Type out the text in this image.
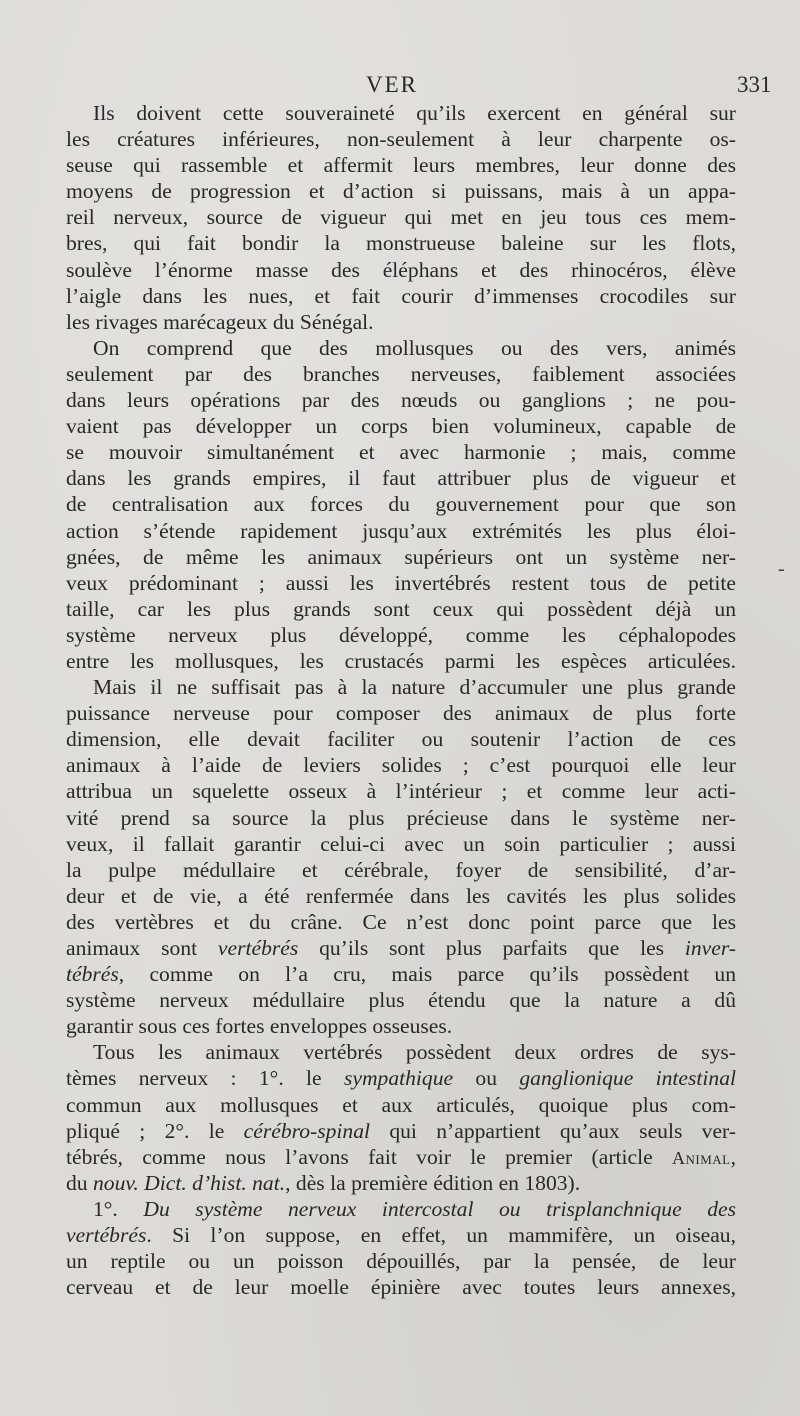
VER	331
Ils doivent cette souveraineté qu’ils exercent en général sur
les créatures inférieures, non-seulement à leur charpente os-
seuse qui rassemble et affermit leurs membres, leur donne des
moyens de progression et d’action si puissans, mais à un appa-
reil nerveux, source de vigueur qui met en jeu tous ces mem-
bres, qui fait bondir la monstrueuse baleine sur les flots,
soulève l’énorme masse des éléphans et des rhinocéros, élève
l’aigle dans les nues, et fait courir d’immenses crocodiles sur
les rivages marécageux du Sénégal.
On comprend que des mollusques ou des vers, animés
seulement par des branches nerveuses, faiblement associées
dans leurs opérations par des nœuds ou ganglions ; ne pou-
vaient pas développer un corps bien volumineux, capable de
se mouvoir simultanément et avec harmonie ; mais, comme
dans les grands empires, il faut attribuer plus de vigueur et
de centralisation aux forces du gouvernement pour que son
action s’étende rapidement jusqu’aux extrémités les plus éloi-
gnées, de même les animaux supérieurs ont un système ner-
veux prédominant ; aussi les invertébrés restent tous de petite
taille, car les plus grands sont ceux qui possèdent déjà un
système nerveux plus développé, comme les céphalopodes
entre les mollusques, les crustacés parmi les espèces articulées.
Mais il ne suffisait pas à la nature d’accumuler une plus grande
puissance nerveuse pour composer des animaux de plus forte
dimension, elle devait faciliter ou soutenir l’action de ces
animaux à l’aide de leviers solides ; c’est pourquoi elle leur
attribua un squelette osseux à l’intérieur ; et comme leur acti-
vité prend sa source la plus précieuse dans le système ner-
veux, il fallait garantir celui-ci avec un soin particulier ; aussi
la pulpe médullaire et cérébrale, foyer de sensibilité, d’ar-
deur et de vie, a été renfermée dans les cavités les plus solides
des vertèbres et du crâne. Ce n’est donc point parce que les
animaux sont vertébrés qu’ils sont plus parfaits que les inver-
tébrés, comme on l’a cru, mais parce qu’ils possèdent un
système nerveux médullaire plus étendu que la nature a dû
garantir sous ces fortes enveloppes osseuses.
Tous les animaux vertébrés possèdent deux ordres de sys-
tèmes nerveux : 1°. le sympathique ou ganglionique intestinal
commun aux mollusques et aux articulés, quoique plus com-
pliqué ; 2°. le cérébro-spinal qui n’appartient qu’aux seuls ver-
tébrés, comme nous l’avons fait voir le premier (article Animal,
du nouv. Dict. d’hist. nat., dès la première édition en 1803).
1°. Du système nerveux intercostal ou trisplanchnique des
vertébrés. Si l’on suppose, en effet, un mammifère, un oiseau,
un reptile ou un poisson dépouillés, par la pensée, de leur
cerveau et de leur moelle épinière avec toutes leurs annexes,
-
